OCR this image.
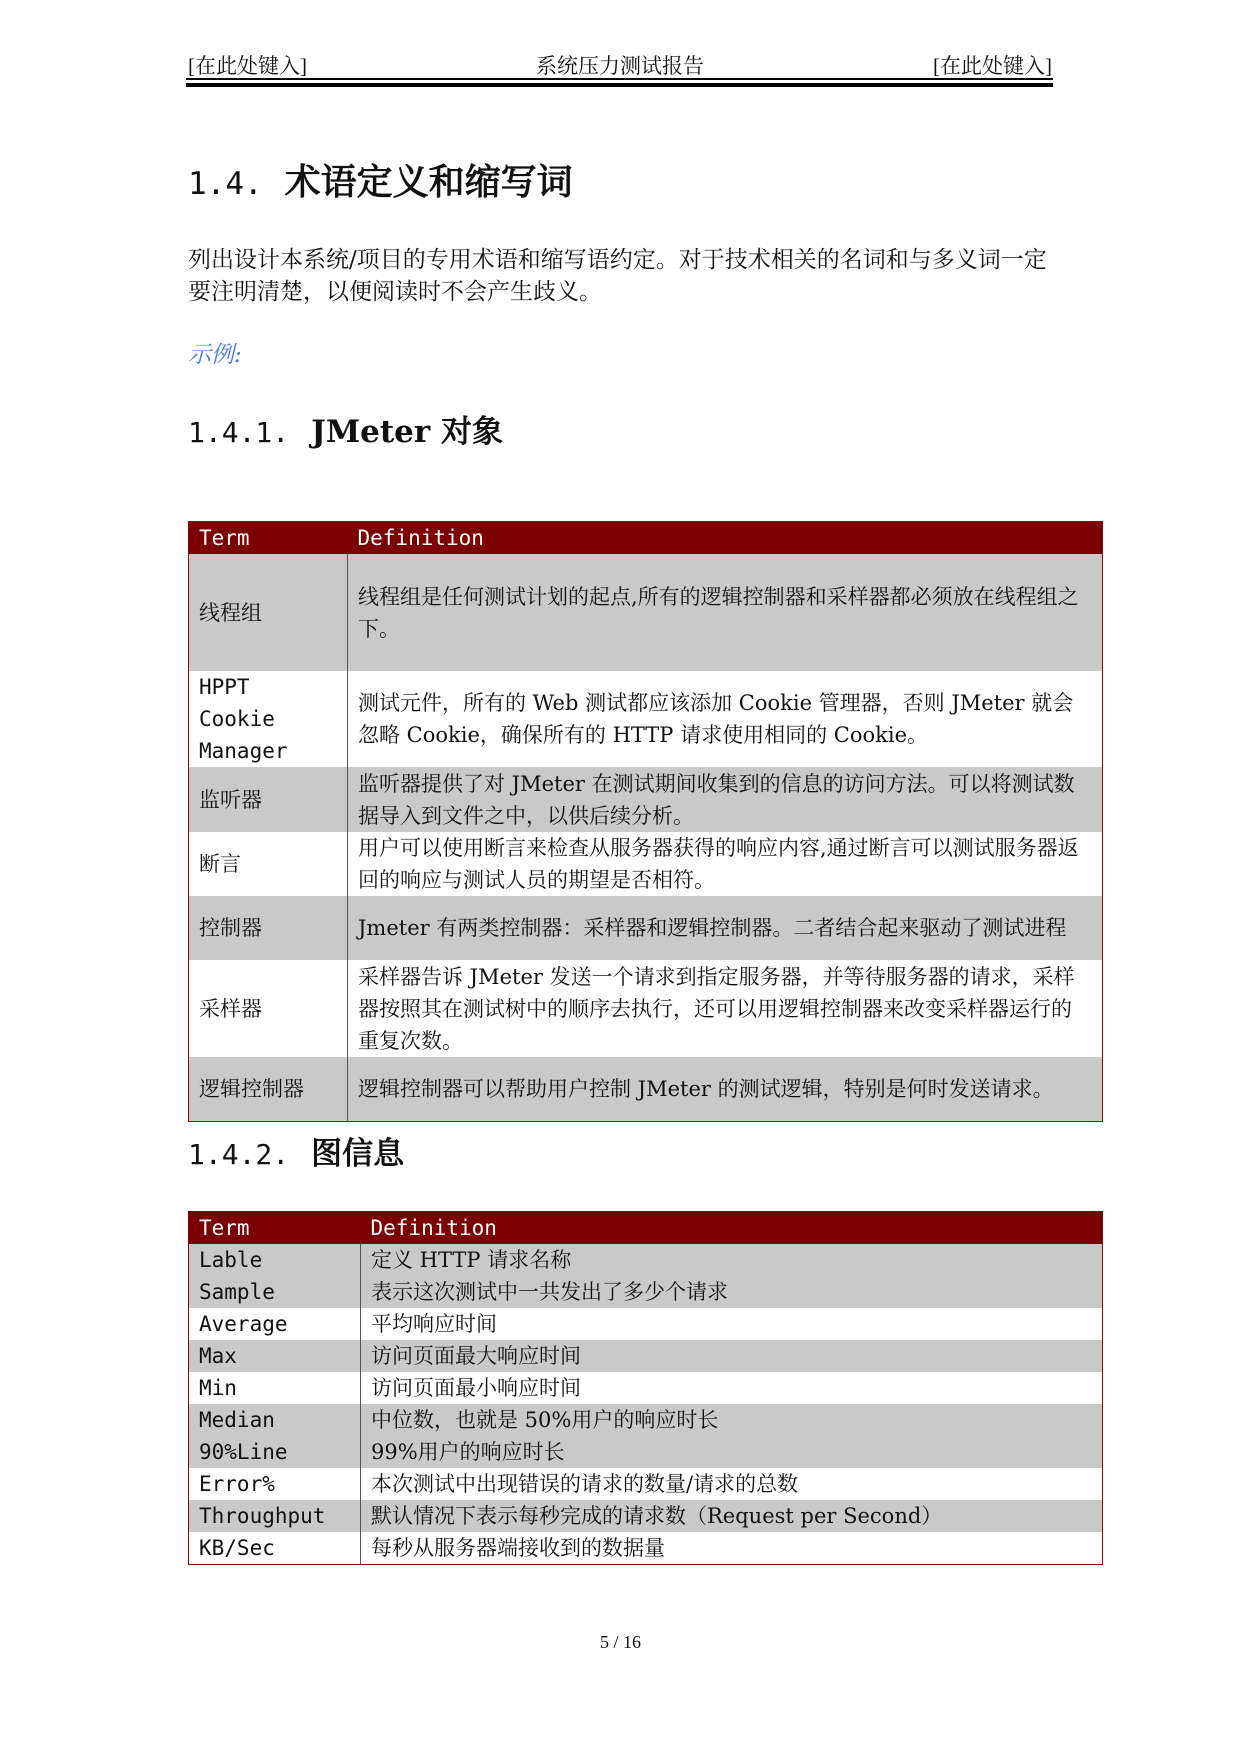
[在此处键入]	系统压力测试报告	[在此处键入]
1.4. 术语定义和缩写词
列出设计本系统/项目的专用术语和缩写语约定。对于技术相关的名词和与多义词一定要注明清楚，以便阅读时不会产生歧义。
示例:
1.4.1. JMeter 对象
Term	Definition
线程组	线程组是任何测试计划的起点,所有的逻辑控制器和采样器都必须放在线程组之下。
HPPT Cookie Manager	测试元件，所有的 Web 测试都应该添加 Cookie 管理器，否则 JMeter 就会忽略 Cookie，确保所有的 HTTP 请求使用相同的 Cookie。
监听器	监听器提供了对 JMeter 在测试期间收集到的信息的访问方法。可以将测试数据导入到文件之中，以供后续分析。
断言	用户可以使用断言来检查从服务器获得的响应内容,通过断言可以测试服务器返回的响应与测试人员的期望是否相符。
控制器	Jmeter 有两类控制器：采样器和逻辑控制器。二者结合起来驱动了测试进程
采样器	采样器告诉 JMeter 发送一个请求到指定服务器，并等待服务器的请求，采样器按照其在测试树中的顺序去执行，还可以用逻辑控制器来改变采样器运行的重复次数。
逻辑控制器	逻辑控制器可以帮助用户控制 JMeter 的测试逻辑，特别是何时发送请求。
1.4.2. 图信息
Term	Definition
Lable	定义 HTTP 请求名称
Sample	表示这次测试中一共发出了多少个请求
Average	平均响应时间
Max	访问页面最大响应时间
Min	访问页面最小响应时间
Median	中位数，也就是 50%用户的响应时长
90%Line	99%用户的响应时长
Error%	本次测试中出现错误的请求的数量/请求的总数
Throughput	默认情况下表示每秒完成的请求数（Request per Second）
KB/Sec	每秒从服务器端接收到的数据量
5 / 16
